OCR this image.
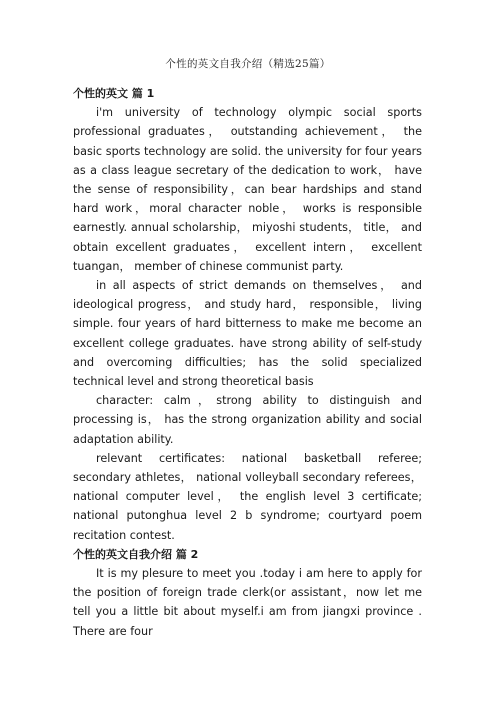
个性的英文自我介绍（精选25篇）

个性的英文 篇 1

i'm university of technology olympic social sports professional graduates， outstanding achievement， the basic sports technology are solid. the university for four years as a class league secretary of the dedication to work， have the sense of responsibility，can bear hardships and stand hard work，moral character noble， works is responsible earnestly. annual scholarship， miyoshi students， title， and obtain excellent graduates， excellent intern， excellent tuangan， member of chinese communist party.

in all aspects of strict demands on themselves， and ideological progress， and study hard， responsible， living simple. four years of hard bitterness to make me become an excellent college graduates. have strong ability of self-study and overcoming difficulties; has the solid specialized technical level and strong theoretical basis

character: calm，strong ability to distinguish and processing is， has the strong organization ability and social adaptation ability.

relevant certificates: national basketball referee; secondary athletes， national volleyball secondary referees， national computer level， the english level 3 certificate; national putonghua level 2 b syndrome; courtyard poem recitation contest.

个性的英文自我介绍 篇 2

It is my plesure to meet you .today i am here to apply for the position of foreign trade clerk(or assistant，now let me tell you a little bit about myself.i am from jiangxi province . There are four
